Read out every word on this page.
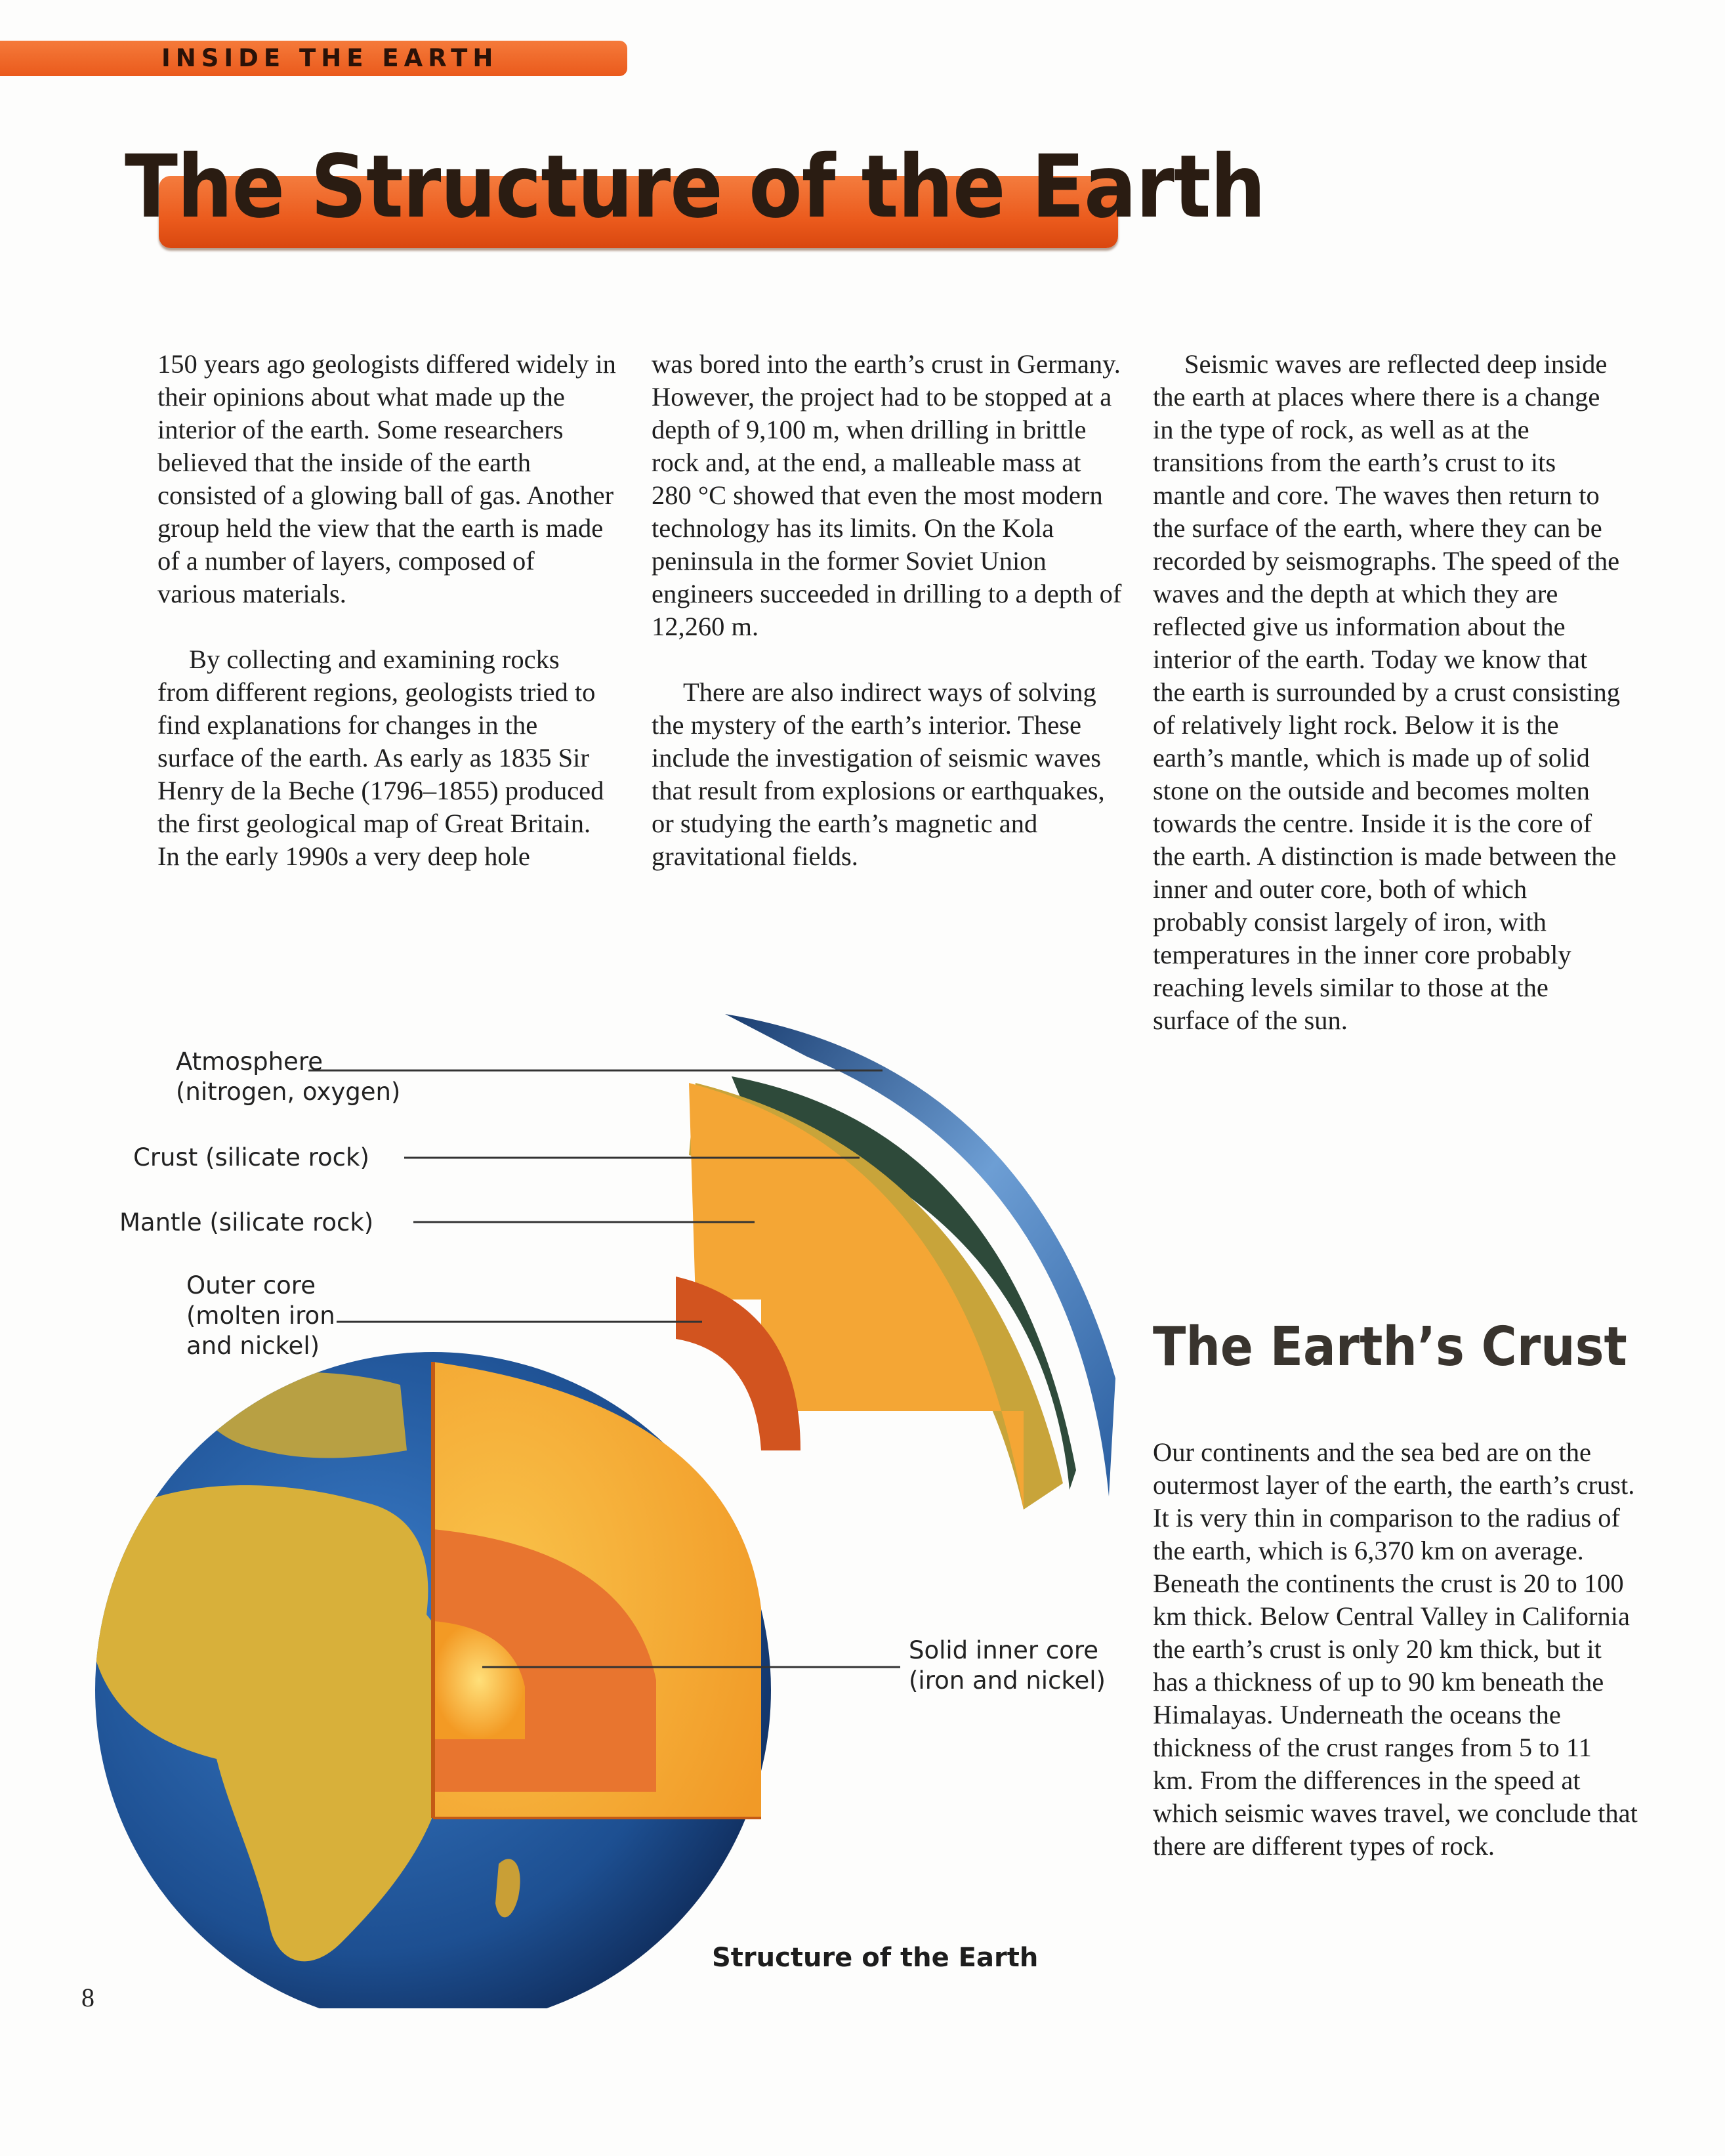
INSIDE THE EARTH
The Structure of the Earth

150 years ago geologists differed widely in their opinions about what made up the interior of the earth. Some researchers believed that the inside of the earth consisted of a glowing ball of gas. Another group held the view that the earth is made of a number of layers, composed of various materials.

By collecting and examining rocks from different regions, geologists tried to find explanations for changes in the surface of the earth. As early as 1835 Sir Henry de la Beche (1796–1855) produced the first geological map of Great Britain. In the early 1990s a very deep hole

was bored into the earth’s crust in Germany. However, the project had to be stopped at a depth of 9,100 m, when drilling in brittle rock and, at the end, a malleable mass at 280 °C showed that even the most modern technology has its limits. On the Kola peninsula in the former Soviet Union engineers succeeded in drilling to a depth of 12,260 m.

There are also indirect ways of solving the mystery of the earth’s interior. These include the investigation of seismic waves that result from explosions or earthquakes, or studying the earth’s magnetic and gravitational fields.

Seismic waves are reflected deep inside the earth at places where there is a change in the type of rock, as well as at the transitions from the earth’s crust to its mantle and core. The waves then return to the surface of the earth, where they can be recorded by seismographs. The speed of the waves and the depth at which they are reflected give us information about the interior of the earth. Today we know that the earth is surrounded by a crust consisting of relatively light rock. Below it is the earth’s mantle, which is made up of solid stone on the outside and becomes molten towards the centre. Inside it is the core of the earth. A distinction is made between the inner and outer core, both of which probably consist largely of iron, with temperatures in the inner core probably reaching levels similar to those at the surface of the sun.

The Earth’s Crust

Our continents and the sea bed are on the outermost layer of the earth, the earth’s crust. It is very thin in comparison to the radius of the earth, which is 6,370 km on average. Beneath the continents the crust is 20 to 100 km thick. Below Central Valley in California the earth’s crust is only 20 km thick, but it has a thickness of up to 90 km beneath the Himalayas. Underneath the oceans the thickness of the crust ranges from 5 to 11 km. From the differences in the speed at which seismic waves travel, we conclude that there are different types of rock.

Atmosphere
(nitrogen, oxygen)
Crust (silicate rock)
Mantle (silicate rock)
Outer core
(molten iron
and nickel)
Solid inner core
(iron and nickel)
Structure of the Earth
8
